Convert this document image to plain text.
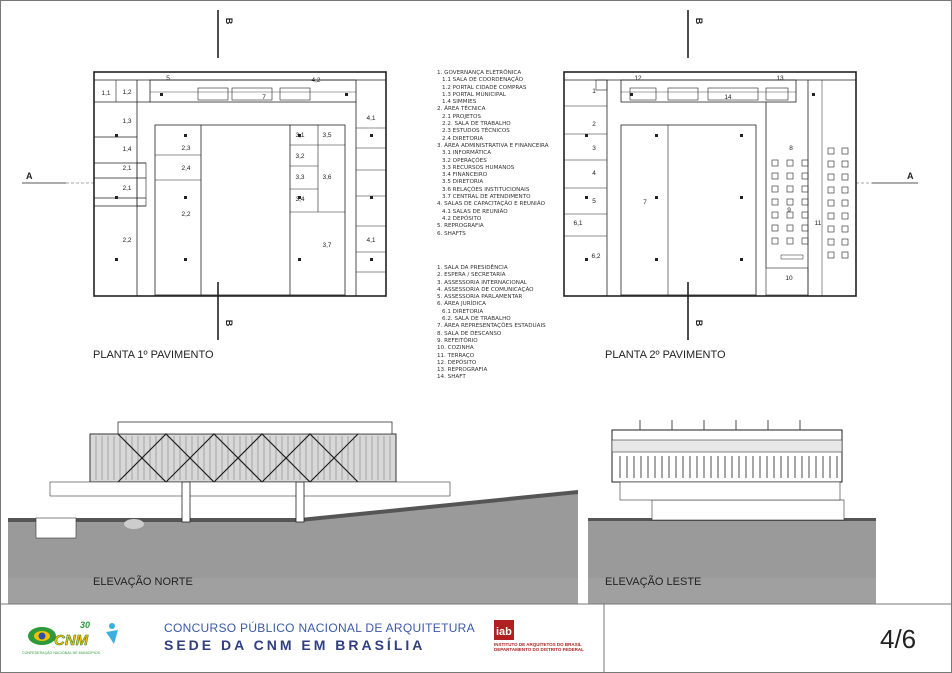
1,1 1,2
1,3
1,4
2,1
2,1
2,2
2,3
2,4
2,2
3,1	3,5
3,2
3,3	3,6
3,4
3,7
4,1
4,1
4,2
5
7
B
B
A
1
2
3
4
5
6,1
6,2
7
8
9
10
11
12	13
14
B
B
A
CNM
30
CONFEDERAÇÃO NACIONAL DE MUNICÍPIOS
iab
PLANTA 1º PAVIMENTO	PLANTA 2º PAVIMENTO
ELEVAÇÃO NORTE	ELEVAÇÃO LESTE
1. GOVERNANÇA ELETRÔNICA
1.1 SALA DE COORDENAÇÃO
1.2 PORTAL CIDADE COMPRAS
1.3 PORTAL MUNICIPAL
1.4 SIMMIES
2. ÁREA TÉCNICA
2.1 PROJETOS
2.2. SALA DE TRABALHO
2.3 ESTUDOS TÉCNICOS
2.4 DIRETORIA
3. ÁREA ADMINISTRATIVA E FINANCEIRA
3.1 INFORMÁTICA
3.2 OPERAÇÕES
3.3 RECURSOS HUMANOS
3.4 FINANCEIRO
3.5 DIRETORIA
3.6 RELAÇÕES INSTITUCIONAIS
3.7 CENTRAL DE ATENDIMENTO
4. SALAS DE CAPACITAÇÃO E REUNIÃO
4.1 SALAS DE REUNIÃO
4.2 DEPÓSITO
5. REPROGRAFIA
6. SHAFTS
1. SALA DA PRESIDÊNCIA
2. ESPERA / SECRETARIA
3. ASSESSORIA INTERNACIONAL
4. ASSESSORIA DE COMUNICAÇÃO
5. ASSESSORIA PARLAMENTAR
6. ÁREA JURÍDICA
6.1 DIRETORIA
6.2. SALA DE TRABALHO
7. ÁREA REPRESENTAÇÕES ESTADUAIS
8. SALA DE DESCANSO
9. REFEITÓRIO
10. COZINHA
11. TERRAÇO
12. DEPÓSITO
13. REPROGRAFIA
14. SHAFT
CONCURSO PÚBLICO NACIONAL DE ARQUITETURA
SEDE DA CNM EM BRASÍLIA	INSTITUTO DE ARQUITETOS DO BRASIL
DEPARTAMENTO DO DISTRITO FEDERAL	4/6
